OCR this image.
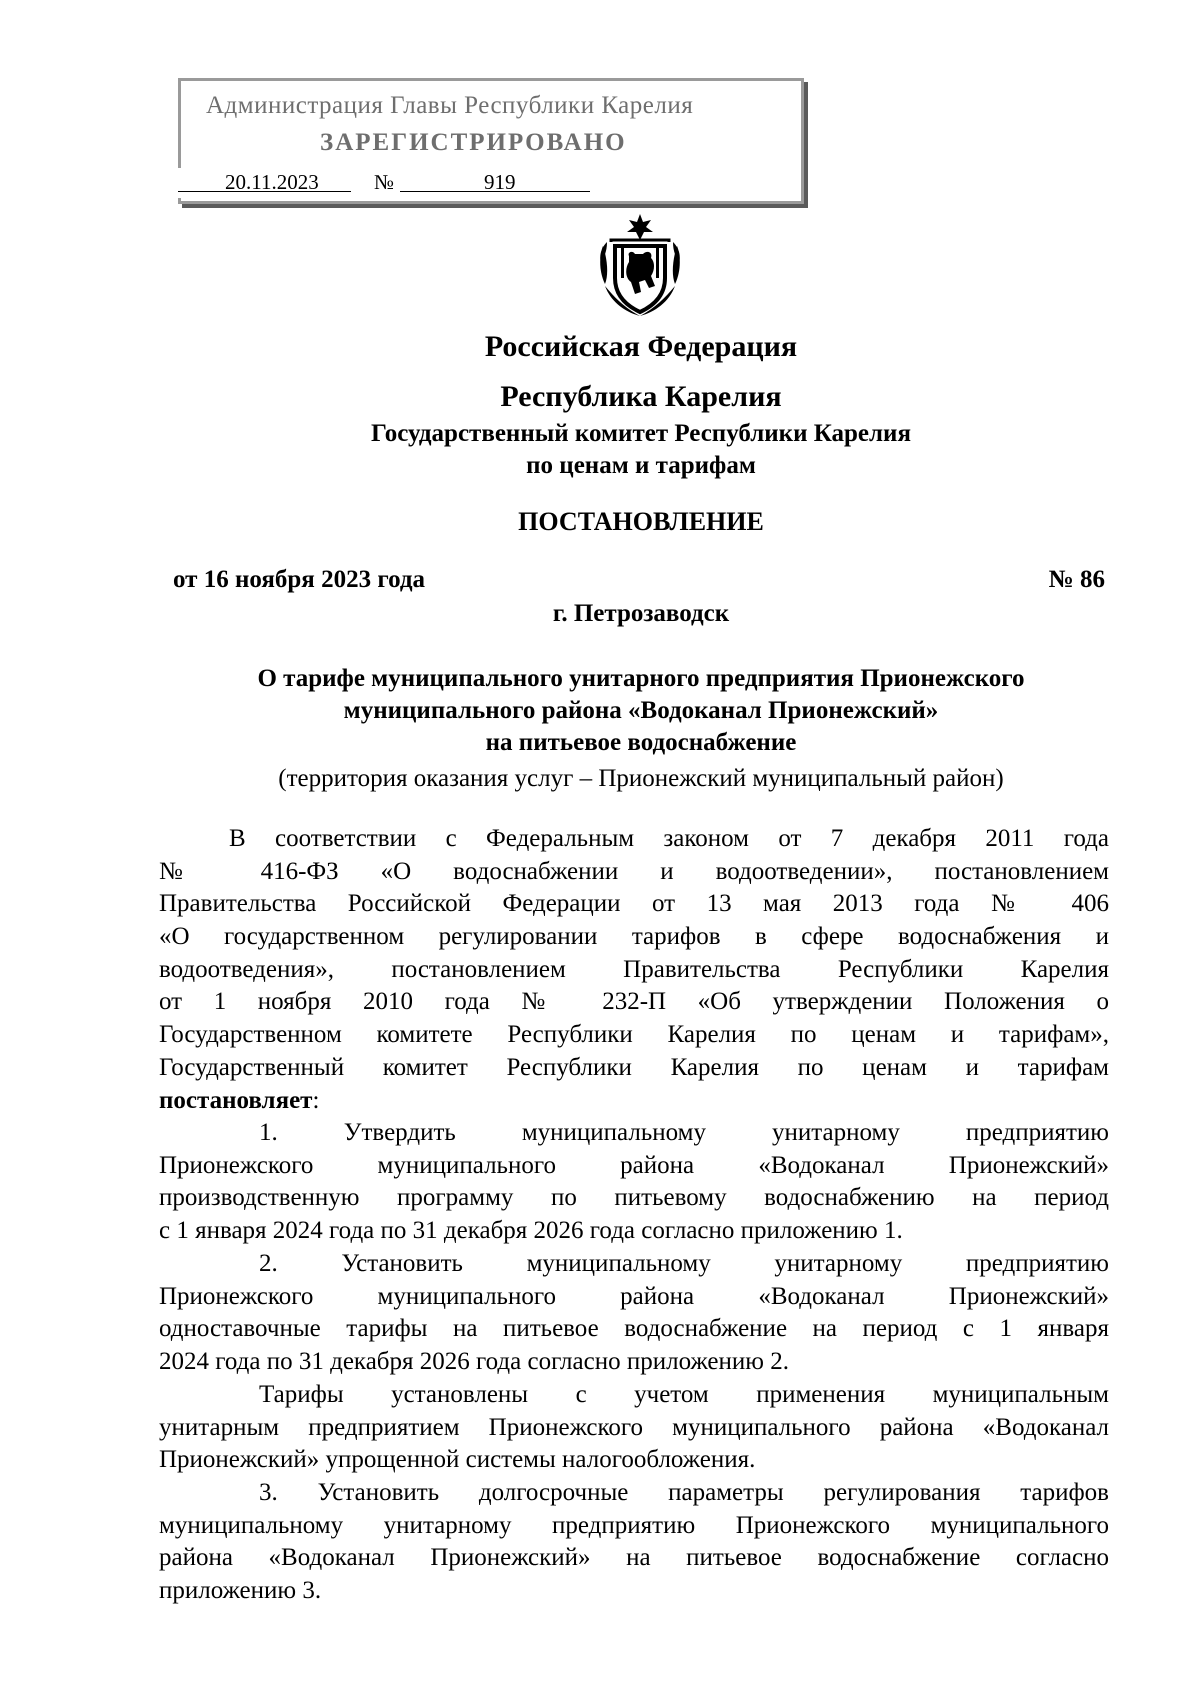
Администрация Главы Республики Карелия
ЗАРЕГИСТРИРОВАНО
20.11.2023	№	919
Российская Федерация
Республика Карелия
Государственный комитет Республики Карелия
по ценам и тарифам
ПОСТАНОВЛЕНИЕ
от 16 ноября 2023 года	№ 86
г. Петрозаводск
О тарифе муниципального унитарного предприятия Прионежского
муниципального района «Водоканал Прионежский»
на питьевое водоснабжение
(территория оказания услуг – Прионежский муниципальный район)
В соответствии с Федеральным законом от 7 декабря 2011 года
№ 416-ФЗ «О водоснабжении и водоотведении», постановлением
Правительства Российской Федерации от 13 мая 2013 года № 406
«О государственном регулировании тарифов в сфере водоснабжения и
водоотведения», постановлением Правительства Республики Карелия
от 1 ноября 2010 года № 232-П «Об утверждении Положения о
Государственном комитете Республики Карелия по ценам и тарифам»,
Государственный комитет Республики Карелия по ценам и тарифам
постановляет:
1. Утвердить муниципальному унитарному предприятию
Прионежского муниципального района «Водоканал Прионежский»
производственную программу по питьевому водоснабжению на период
с 1 января 2024 года по 31 декабря 2026 года согласно приложению 1.
2. Установить муниципальному унитарному предприятию
Прионежского муниципального района «Водоканал Прионежский»
одноставочные тарифы на питьевое водоснабжение на период с 1 января
2024 года по 31 декабря 2026 года согласно приложению 2.
Тарифы установлены с учетом применения муниципальным
унитарным предприятием Прионежского муниципального района «Водоканал
Прионежский» упрощенной системы налогообложения.
3. Установить долгосрочные параметры регулирования тарифов
муниципальному унитарному предприятию Прионежского муниципального
района «Водоканал Прионежский» на питьевое водоснабжение согласно
приложению 3.
